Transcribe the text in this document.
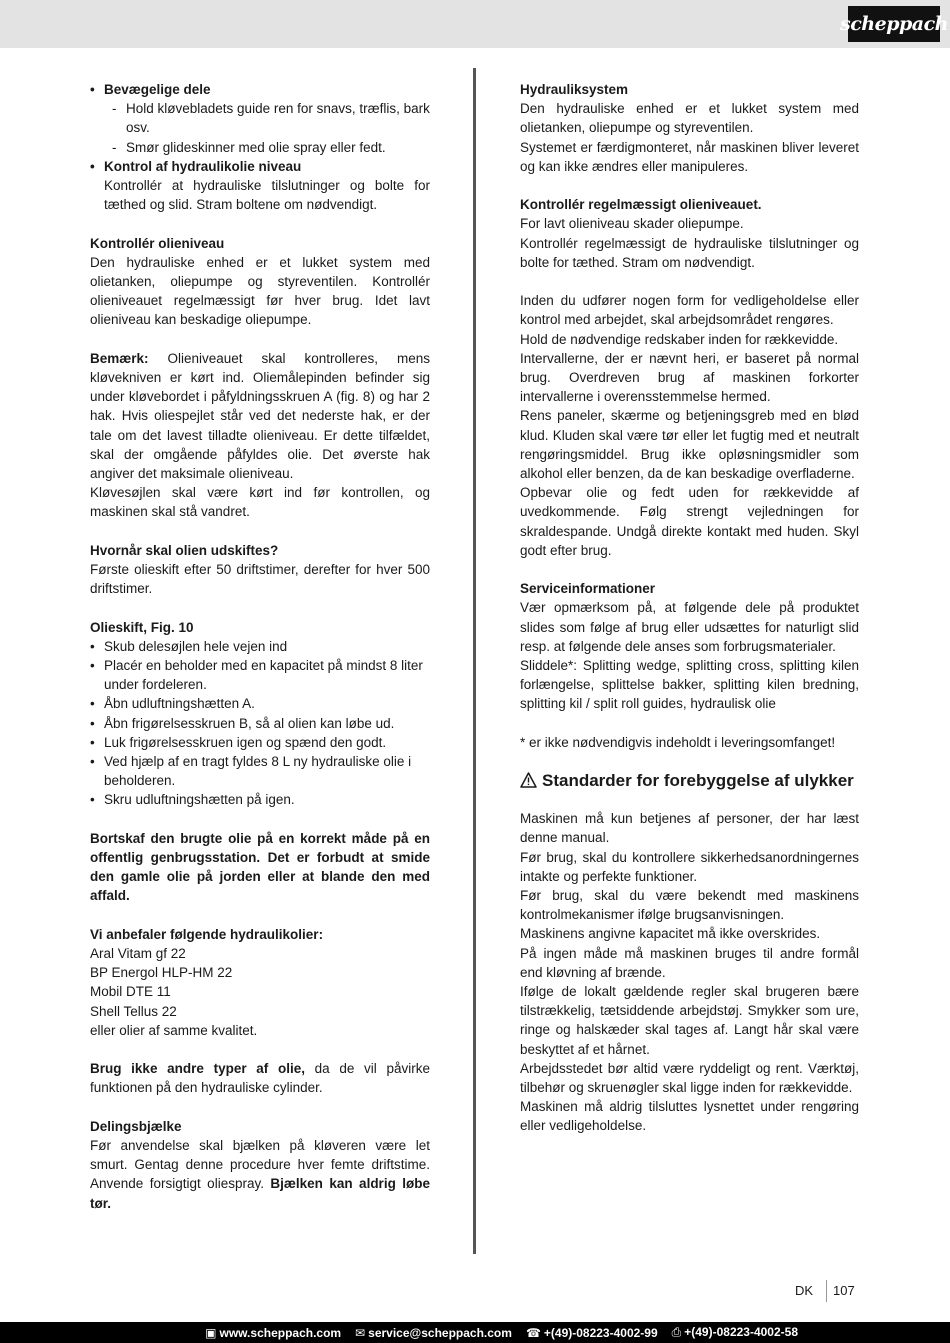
scheppach
• Bevægelige dele
- Hold kløvebladets guide ren for snavs, træflis, bark osv.
- Smør glideskinner med olie spray eller fedt.
• Kontrol af hydraulikolie niveau
Kontrollér at hydrauliske tilslutninger og bolte for tæthed og slid. Stram boltene om nødvendigt.

Kontrollér olieniveau

Den hydrauliske enhed er et lukket system med olietanken, oliepumpe og styreventilen. Kontrollér olieniveauet regelmæssigt før hver brug. Idet lavt olieniveau kan beskadige oliepumpe.

Bemærk: Olieniveauet skal kontrolleres, mens kløvekniven er kørt ind. Oliemålepinden befinder sig under kløvebordet i påfyldningsskruen A (fig. 8) og har 2 hak. Hvis oliespejlet står ved det nederste hak, er der tale om det lavest tilladte olieniveau. Er dette tilfældet, skal der omgående påfyldes olie. Det øverste hak angiver det maksimale olieniveau.

Kløvesøjlen skal være kørt ind før kontrollen, og maskinen skal stå vandret.

Hvornår skal olien udskiftes?

Første olieskift efter 50 driftstimer, derefter for hver 500 driftstimer.

Olieskift, Fig. 10

• Skub delesøjlen hele vejen ind
• Placér en beholder med en kapacitet på mindst 8 liter under fordeleren.
• Åbn udluftningshætten A.
• Åbn frigørelsesskruen B, så al olien kan løbe ud.
• Luk frigørelsesskruen igen og spænd den godt.
• Ved hjælp af en tragt fyldes 8 L ny hydrauliske olie i beholderen.
• Skru udluftningshætten på igen.

Bortskaf den brugte olie på en korrekt måde på en offentlig genbrugsstation. Det er forbudt at smide den gamle olie på jorden eller at blande den med affald.

Vi anbefaler følgende hydraulikolier:

Aral Vitam gf 22

BP Energol HLP-HM 22

Mobil DTE 11

Shell Tellus 22

eller olier af samme kvalitet.

Brug ikke andre typer af olie, da de vil påvirke funktionen på den hydrauliske cylinder.

Delingsbjælke

Før anvendelse skal bjælken på kløveren være let smurt. Gentag denne procedure hver femte driftstime. Anvende forsigtigt oliespray. Bjælken kan aldrig løbe tør.

Hydrauliksystem

Den hydrauliske enhed er et lukket system med olietanken, oliepumpe og styreventilen.

Systemet er færdigmonteret, når maskinen bliver leveret og kan ikke ændres eller manipuleres.

Kontrollér regelmæssigt olieniveauet.

For lavt olieniveau skader oliepumpe.

Kontrollér regelmæssigt de hydrauliske tilslutninger og bolte for tæthed. Stram om nødvendigt.

Inden du udfører nogen form for vedligeholdelse eller kontrol med arbejdet, skal arbejdsområdet rengøres.

Hold de nødvendige redskaber inden for rækkevidde.

Intervallerne, der er nævnt heri, er baseret på normal brug. Overdreven brug af maskinen forkorter intervallerne i overensstemmelse hermed.

Rens paneler, skærme og betjeningsgreb med en blød klud. Kluden skal være tør eller let fugtig med et neutralt rengøringsmiddel. Brug ikke opløsningsmidler som alkohol eller benzen, da de kan beskadige overfladerne.

Opbevar olie og fedt uden for rækkevidde af uvedkommende. Følg strengt vejledningen for skraldespande. Undgå direkte kontakt med huden. Skyl godt efter brug.

Serviceinformationer

Vær opmærksom på, at følgende dele på produktet slides som følge af brug eller udsættes for naturligt slid resp. at følgende dele anses som forbrugsmaterialer.

Sliddele*: Splitting wedge, splitting cross, splitting kilen forlængelse, splittelse bakker, splitting kilen bredning, splitting kil / split roll guides, hydraulisk olie

* er ikke nødvendigvis indeholdt i leveringsomfanget!

Standarder for forebyggelse af ulykker

Maskinen må kun betjenes af personer, der har læst denne manual.

Før brug, skal du kontrollere sikkerhedsanordningernes intakte og perfekte funktioner.

Før brug, skal du være bekendt med maskinens kontrolmekanismer ifølge brugsanvisningen.

Maskinens angivne kapacitet må ikke overskrides.

På ingen måde må maskinen bruges til andre formål end kløvning af brænde.

Ifølge de lokalt gældende regler skal brugeren bære tilstrækkelig, tætsiddende arbejdstøj. Smykker som ure, ringe og halskæder skal tages af. Langt hår skal være beskyttet af et hårnet.

Arbejdsstedet bør altid være ryddeligt og rent. Værktøj, tilbehør og skruenøgler skal ligge inden for rækkevidde.

Maskinen må aldrig tilsluttes lysnettet under rengøring eller vedligeholdelse.

DK 107
▣ www.scheppach.com ✉ service@scheppach.com ☎ +(49)-08223-4002-99 ⎙ +(49)-08223-4002-58
